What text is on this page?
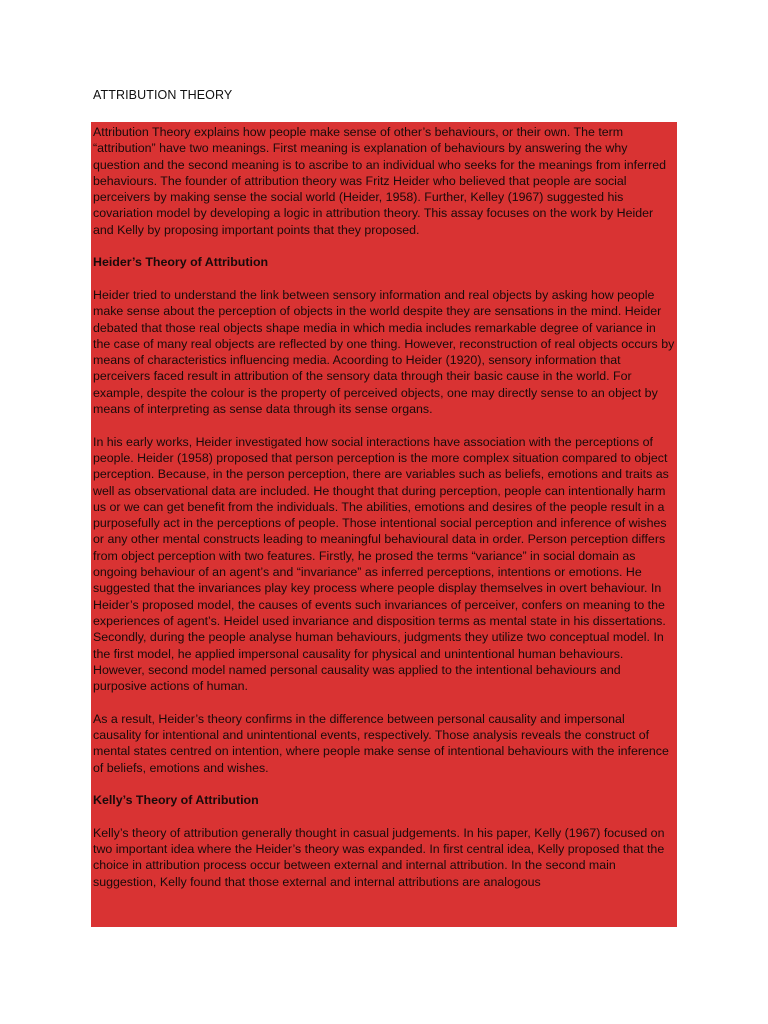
ATTRIBUTION THEORY

Attribution Theory explains how people make sense of other’s behaviours, or their own. The term “attribution” have two meanings. First meaning is explanation of behaviours by answering the why question and the second meaning is to ascribe to an individual who seeks for the meanings from inferred behaviours. The founder of attribution theory was Fritz Heider who believed that people are social perceivers by making sense the social world (Heider, 1958). Further, Kelley (1967) suggested his covariation model by developing a logic in attribution theory. This assay focuses on the work by Heider and Kelly by proposing important points that they proposed.

Heider’s Theory of Attribution

Heider tried to understand the link between sensory information and real objects by asking how people make sense about the perception of objects in the world despite they are sensations in the mind. Heider debated that those real objects shape media in which media includes remarkable degree of variance in the case of many real objects are reflected by one thing. However, reconstruction of real objects occurs by means of characteristics influencing media. Acoording to Heider (1920), sensory information that perceivers faced result in attribution of the sensory data through their basic cause in the world. For example, despite the colour is the property of perceived objects, one may directly sense to an object by means of interpreting as sense data through its sense organs.

In his early works, Heider investigated how social interactions have association with the perceptions of people. Heider (1958) proposed that person perception is the more complex situation compared to object perception. Because, in the person perception, there are variables such as beliefs, emotions and traits as well as observational data are included. He thought that during perception, people can intentionally harm us or we can get benefit from the individuals. The abilities, emotions and desires of the people result in a purposefully act in the perceptions of people. Those intentional social perception and inference of wishes or any other mental constructs leading to meaningful behavioural data in order. Person perception differs from object perception with two features. Firstly, he prosed the terms “variance” in social domain as ongoing behaviour of an agent’s and “invariance” as inferred perceptions, intentions or emotions. He suggested that the invariances play key process where people display themselves in overt behaviour. In Heider’s proposed model, the causes of events such invariances of perceiver, confers on meaning to the experiences of agent’s. Heidel used invariance and disposition terms as mental state in his dissertations. Secondly, during the people analyse human behaviours, judgments they utilize two conceptual model. In the first model, he applied impersonal causality for physical and unintentional human behaviours. However, second model named personal causality was applied to the intentional behaviours and purposive actions of human.

As a result, Heider’s theory confirms in the difference between personal causality and impersonal causality for intentional and unintentional events, respectively. Those analysis reveals the construct of mental states centred on intention, where people make sense of intentional behaviours with the inference of beliefs, emotions and wishes.

Kelly’s Theory of Attribution

Kelly’s theory of attribution generally thought in casual judgements. In his paper, Kelly (1967) focused on two important idea where the Heider’s theory was expanded. In first central idea, Kelly proposed that the choice in attribution process occur between external and internal attribution. In the second main suggestion, Kelly found that those external and internal attributions are analogous
